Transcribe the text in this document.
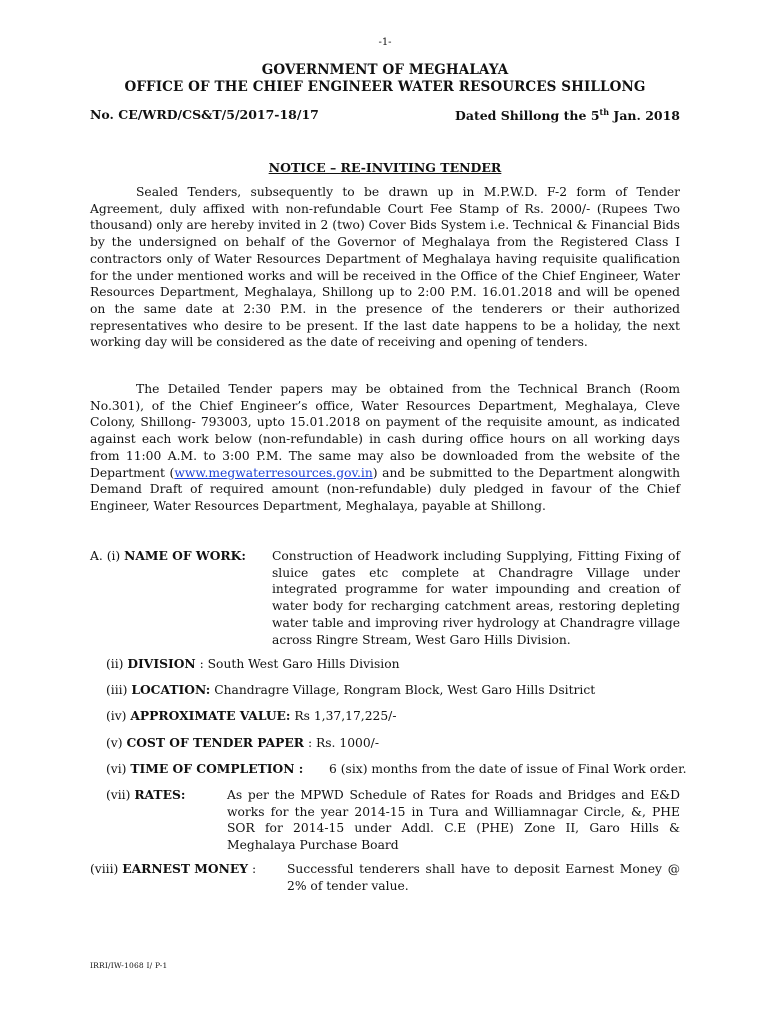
-1-
GOVERNMENT OF MEGHALAYA
OFFICE OF THE CHIEF ENGINEER WATER RESOURCES SHILLONG
No. CE/WRD/CS&T/5/2017-18/17	Dated Shillong the 5th Jan. 2018
NOTICE – RE-INVITING TENDER
Sealed Tenders, subsequently to be drawn up in M.P.W.D. F-2 form of Tender Agreement, duly affixed with non-refundable Court Fee Stamp of Rs. 2000/- (Rupees Two thousand) only are hereby invited in 2 (two) Cover Bids System i.e. Technical & Financial Bids by the undersigned on behalf of the Governor of Meghalaya from the Registered Class I contractors only of Water Resources Department of Meghalaya having requisite qualification for the under mentioned works and will be received in the Office of the Chief Engineer, Water Resources Department, Meghalaya, Shillong up to 2:00 P.M. 16.01.2018 and will be opened on the same date at 2:30 P.M. in the presence of the tenderers or their authorized representatives who desire to be present. If the last date happens to be a holiday, the next working day will be considered as the date of receiving and opening of tenders.
The Detailed Tender papers may be obtained from the Technical Branch (Room No.301), of the Chief Engineer’s office, Water Resources Department, Meghalaya, Cleve Colony, Shillong- 793003, upto 15.01.2018 on payment of the requisite amount, as indicated against each work below (non-refundable) in cash during office hours on all working days from 11:00 A.M. to 3:00 P.M. The same may also be downloaded from the website of the Department (www.megwaterresources.gov.in) and be submitted to the Department alongwith Demand Draft of required amount (non-refundable) duly pledged in favour of the Chief Engineer, Water Resources Department, Meghalaya, payable at Shillong.
A. (i) NAME OF WORK: Construction of Headwork including Supplying, Fitting Fixing of sluice gates etc complete at Chandragre Village under integrated programme for water impounding and creation of water body for recharging catchment areas, restoring depleting water table and improving river hydrology at Chandragre village across Ringre Stream, West Garo Hills Division.
(ii) DIVISION : South West Garo Hills Division
(iii) LOCATION: Chandragre Village, Rongram Block, West Garo Hills Dsitrict
(iv) APPROXIMATE VALUE: Rs 1,37,17,225/-
(v) COST OF TENDER PAPER : Rs. 1000/-
(vi) TIME OF COMPLETION : 6 (six) months from the date of issue of Final Work order.
(vii) RATES:	As per the MPWD Schedule of Rates for Roads and Bridges and E&D works for the year 2014-15 in Tura and Williamnagar Circle, &, PHE SOR for 2014-15 under Addl. C.E (PHE) Zone II, Garo Hills & Meghalaya Purchase Board
(viii) EARNEST MONEY :	Successful tenderers shall have to deposit Earnest Money @ 2% of tender value.
IRRI/IW-1068 I/ P-1
